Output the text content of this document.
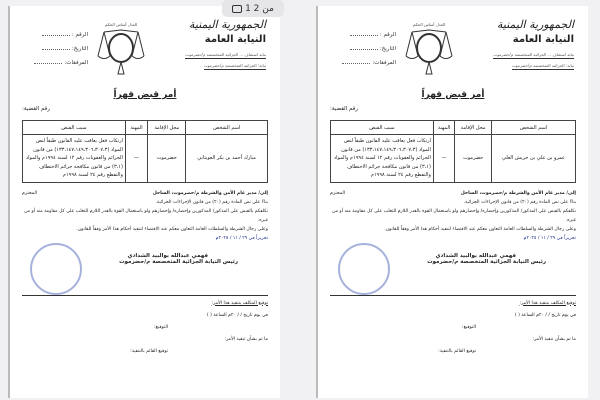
الجمهورية اليمنية
النيابة العامة
نيابة استئناف ... الجزائية المتخصصة م/حضرموت
نيابة: الجزائية المتخصصة م/حضرموت
العدل أساس الحكم
الرقم :
التاريخ:
المرفقات:
أمر قبض قهراً
رقم القضية:
اسم الشخص	محل الإقامة	المهنة	سبب القبض
مبارك أحمد بن بكر العوبثاني	حضرموت	—	ارتكاب فعل يعاقب عليه القانون طبقاً لنص المواد (١٣٣،١٤٧،١٤٩،٣٠٦،٣٠٧،٣) من قانون الجرائم والعقوبات رقم ١٢ لسنة ١٩٩٤م والمواد (٣،١) من قانون مكافحة جرائم الاختطاف والتقطع رقم ٢٤ لسنة ١٩٩٨م
إلى/ مدير عام الأمن والشرطة م/حضرموت، الساحل
المحترم
بناءً على نص المادة رقم (٢٠) من قانون الإجراءات الجزائية.
نكلفكم بالقبض على المذكور/ المذكورين وإحضاره/ وإحضارهم ولو باستعمال القوة بالقدر اللازم للتغلب على كل مقاومة منه أو من غيره.
وعلى رجال الشرطة والسلطات العامة التعاون معكم عند الاقتضاء لتنفيذ أحكام هذا الأمر وفقاً للقانون.
تحريراً في ٢٩ / ١١ / ٢٠٢٥م
فهمي عبدالله بوالبيد الشدادي
رئيس النيابة الجزائية المتخصصة م/حضرموت
توقيع المكلف بتنفيذ هذا الأمر:
في يوم تاريخ / / ٢٠م الساعة ( )
التوقيع:
ما تم بشأن تنفيذ الأمر:
توقيع القائم بالتنفيذ:
الجمهورية اليمنية
النيابة العامة
نيابة استئناف ... الجزائية المتخصصة م/حضرموت
نيابة: الجزائية المتخصصة م/حضرموت
العدل أساس الحكم
الرقم :
التاريخ:
المرفقات:
أمر قبض قهراً
رقم القضية:
اسم الشخص	محل الإقامة	المهنة	سبب القبض
عمرو بن علي بن حريش العلي	حضرموت	—	ارتكاب فعل يعاقب عليه القانون طبقاً لنص المواد (١٣٣،١٤٧،١٤٩،٣٠٦،٣٠٧،٣) من قانون الجرائم والعقوبات رقم ١٢ لسنة ١٩٩٤م والمواد (٣،١) من قانون مكافحة جرائم الاختطاف والتقطع رقم ٢٤ لسنة ١٩٩٨م
إلى/ مدير عام الأمن والشرطة م/حضرموت، الساحل
المحترم
بناءً على نص المادة رقم (٢٠) من قانون الإجراءات الجزائية.
نكلفكم بالقبض على المذكور/ المذكورين وإحضاره/ وإحضارهم ولو باستعمال القوة بالقدر اللازم للتغلب على كل مقاومة منه أو من غيره.
وعلى رجال الشرطة والسلطات العامة التعاون معكم عند الاقتضاء لتنفيذ أحكام هذا الأمر وفقاً للقانون.
تحريراً في ٢٩ / ١١ / ٢٠٢٥م
فهمي عبدالله بوالبيد الشدادي
رئيس النيابة الجزائية المتخصصة م/حضرموت
توقيع المكلف بتنفيذ هذا الأمر:
في يوم تاريخ / / ٢٠م الساعة ( )
التوقيع:
ما تم بشأن تنفيذ الأمر:
توقيع القائم بالتنفيذ:
1 من 2
